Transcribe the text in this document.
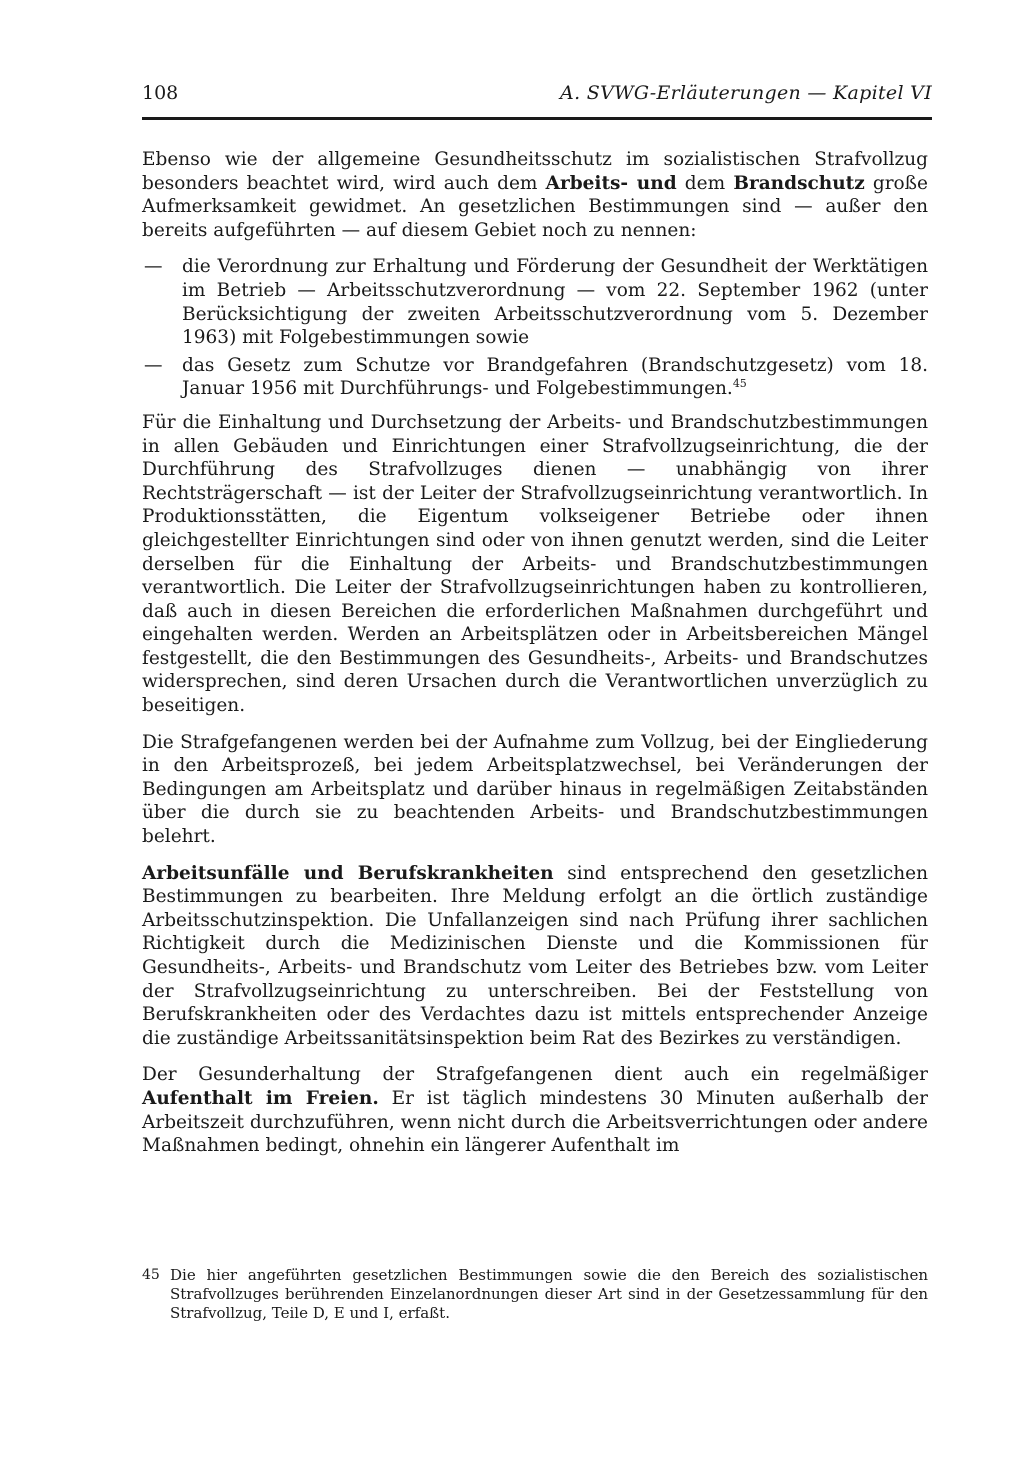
108	A. SVWG-Erläuterungen — Kapitel VI

Ebenso wie der allgemeine Gesundheitsschutz im sozialistischen Strafvollzug besonders beachtet wird, wird auch dem Arbeits- und dem Brandschutz große Aufmerksamkeit gewidmet. An gesetzlichen Bestimmungen sind — außer den bereits aufgeführten — auf diesem Gebiet noch zu nennen:

— die Verordnung zur Erhaltung und Förderung der Gesundheit der Werktätigen im Betrieb — Arbeitsschutzverordnung — vom 22. September 1962 (unter Berücksichtigung der zweiten Arbeitsschutzverordnung vom 5. Dezember 1963) mit Folgebestimmungen sowie
— das Gesetz zum Schutze vor Brandgefahren (Brandschutzgesetz) vom 18. Januar 1956 mit Durchführungs- und Folgebestimmungen.$^{45}$

Für die Einhaltung und Durchsetzung der Arbeits- und Brandschutzbestimmungen in allen Gebäuden und Einrichtungen einer Strafvollzugseinrichtung, die der Durchführung des Strafvollzuges dienen — unabhängig von ihrer Rechtsträgerschaft — ist der Leiter der Strafvollzugseinrichtung verantwortlich. In Produktionsstätten, die Eigentum volkseigener Betriebe oder ihnen gleichgestellter Einrichtungen sind oder von ihnen genutzt werden, sind die Leiter derselben für die Einhaltung der Arbeits- und Brandschutzbestimmungen verantwortlich. Die Leiter der Strafvollzugseinrichtungen haben zu kontrollieren, daß auch in diesen Bereichen die erforderlichen Maßnahmen durchgeführt und eingehalten werden. Werden an Arbeitsplätzen oder in Arbeitsbereichen Mängel festgestellt, die den Bestimmungen des Gesundheits-, Arbeits- und Brandschutzes widersprechen, sind deren Ursachen durch die Verantwortlichen unverzüglich zu beseitigen.

Die Strafgefangenen werden bei der Aufnahme zum Vollzug, bei der Eingliederung in den Arbeitsprozeß, bei jedem Arbeitsplatzwechsel, bei Veränderungen der Bedingungen am Arbeitsplatz und darüber hinaus in regelmäßigen Zeitabständen über die durch sie zu beachtenden Arbeits- und Brandschutzbestimmungen belehrt.

Arbeitsunfälle und Berufskrankheiten sind entsprechend den gesetzlichen Bestimmungen zu bearbeiten. Ihre Meldung erfolgt an die örtlich zuständige Arbeitsschutzinspektion. Die Unfallanzeigen sind nach Prüfung ihrer sachlichen Richtigkeit durch die Medizinischen Dienste und die Kommissionen für Gesundheits-, Arbeits- und Brandschutz vom Leiter des Betriebes bzw. vom Leiter der Strafvollzugseinrichtung zu unterschreiben. Bei der Feststellung von Berufskrankheiten oder des Verdachtes dazu ist mittels entsprechender Anzeige die zuständige Arbeitssanitätsinspektion beim Rat des Bezirkes zu verständigen.

Der Gesunderhaltung der Strafgefangenen dient auch ein regelmäßiger Aufenthalt im Freien. Er ist täglich mindestens 30 Minuten außerhalb der Arbeitszeit durchzuführen, wenn nicht durch die Arbeitsverrichtungen oder andere Maßnahmen bedingt, ohnehin ein längerer Aufenthalt im

45 Die hier angeführten gesetzlichen Bestimmungen sowie die den Bereich des sozialistischen Strafvollzuges berührenden Einzelanordnungen dieser Art sind in der Gesetzessammlung für den Strafvollzug, Teile D, E und I, erfaßt.
